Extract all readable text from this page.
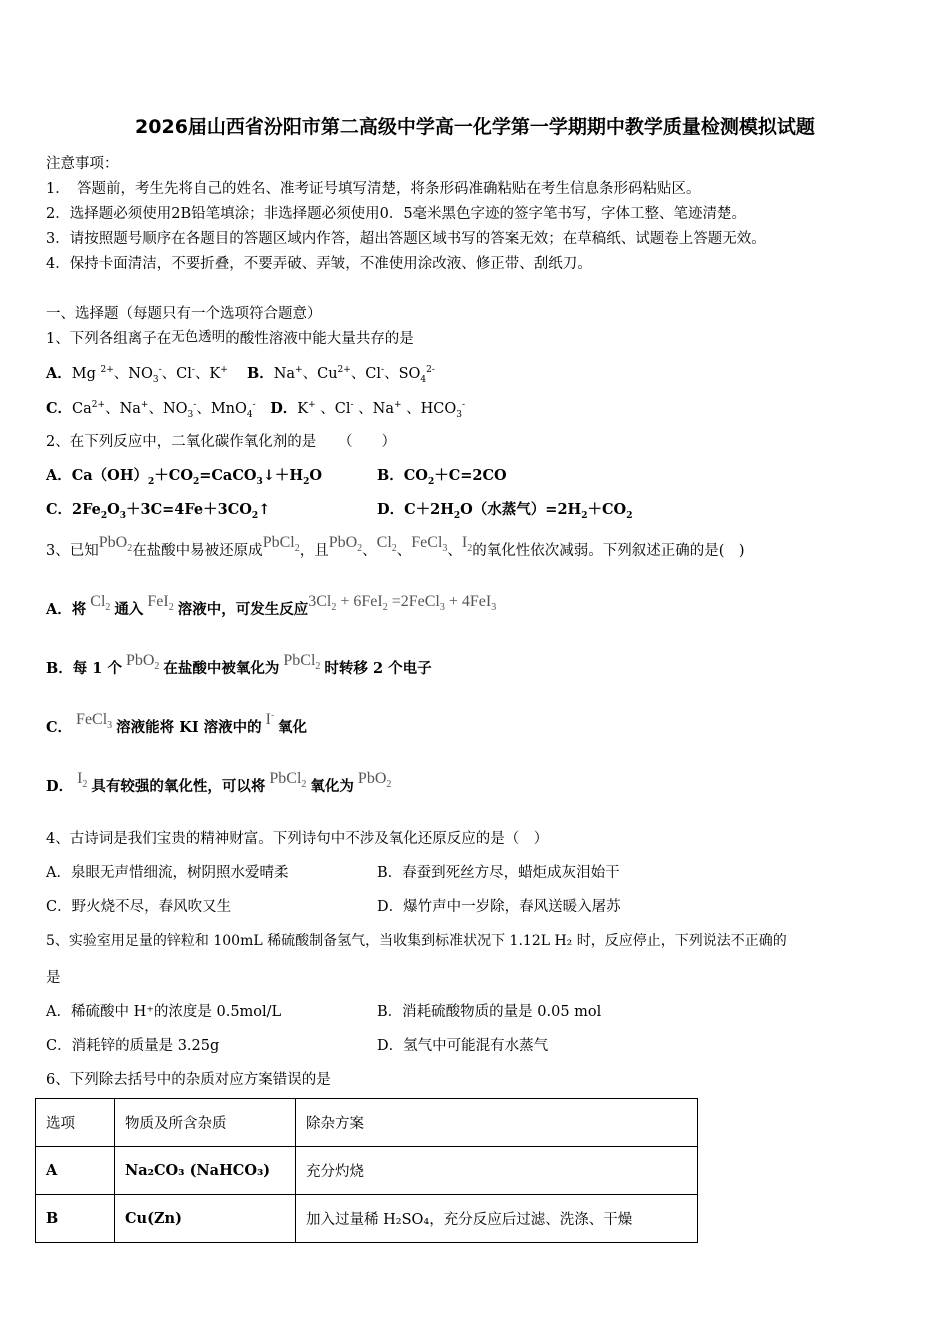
2026届山西省汾阳市第二高级中学高一化学第一学期期中教学质量检测模拟试题
注意事项：
1．　答题前，考生先将自己的姓名、准考证号填写清楚，将条形码准确粘贴在考生信息条形码粘贴区。
2．选择题必须使用2B铅笔填涂；非选择题必须使用0．5毫米黑色字迹的签字笔书写，字体工整、笔迹清楚。
3．请按照题号顺序在各题目的答题区域内作答，超出答题区域书写的答案无效；在草稿纸、试题卷上答题无效。
4．保持卡面清洁，不要折叠，不要弄破、弄皱，不准使用涂改液、修正带、刮纸刀。
一、选择题（每题只有一个选项符合题意）
1、下列各组离子在无色透明的酸性溶液中能大量共存的是
A．Mg $^{2+}$、$NO_3^-$、Cl-、K+　 B．Na+、$Cu^{2+}$、Cl-、$SO_4^{2-}$
C．$Ca^{2+}$、Na+、$NO_3^-$、MnO$_4$-　 D．K+ 、Cl- 、Na+ 、$HCO_3^-$
2、在下列反应中，二氧化碳作氧化剂的是　　（　　）
A．$Ca(OH)_2+CO_2=CaCO_3↓+H_2O$	B．$CO_2+C=2CO$
C．$2Fe_2O_3+3C=4Fe+3CO_2↑$	D．$C+2H_2O$（水蒸气）$=2H_2+CO_2$
3、已知PbO$_2$在盐酸中易被还原成PbCl$_2$，且PbO$_2$、$Cl_2$、FeCl$_3$、$I_2$的氧化性依次减弱。下列叙述正确的是(　)
A．将 $Cl_2$ 通入 FeI$_2$ 溶液中，可发生反应$3Cl_2 + 6FeI_2$ =2FeCl$_3$ + 4FeI$_3$
B．每 1 个 PbO$_2$ 在盐酸中被氧化为 PbCl$_2$ 时转移 2 个电子
C． FeCl$_3$ 溶液能将 KI 溶液中的 I- 氧化
D． $I_2$ 具有较强的氧化性，可以将 PbCl$_2$ 氧化为 PbO$_2$
4、古诗词是我们宝贵的精神财富。下列诗句中不涉及氧化还原反应的是（　）
A．泉眼无声惜细流，树阴照水爱晴柔	B．春蚕到死丝方尽，蜡炬成灰泪始干
C．野火烧不尽，春风吹又生	D．爆竹声中一岁除，春风送暖入屠苏
5、实验室用足量的锌粒和 100mL 稀硫酸制备氢气，当收集到标准状况下 1.12L H₂ 时，反应停止，下列说法不正确的
是
A．稀硫酸中 H⁺的浓度是 0.5mol/L	B．消耗硫酸物质的量是 0.05 mol
C．消耗锌的质量是 3.25g	D．氢气中可能混有水蒸气
6、下列除去括号中的杂质对应方案错误的是
选项	物质及所含杂质	除杂方案
A	Na₂CO₃ (NaHCO₃)	充分灼烧
B	Cu(Zn)	加入过量稀 H₂SO₄，充分反应后过滤、洗涤、干燥
